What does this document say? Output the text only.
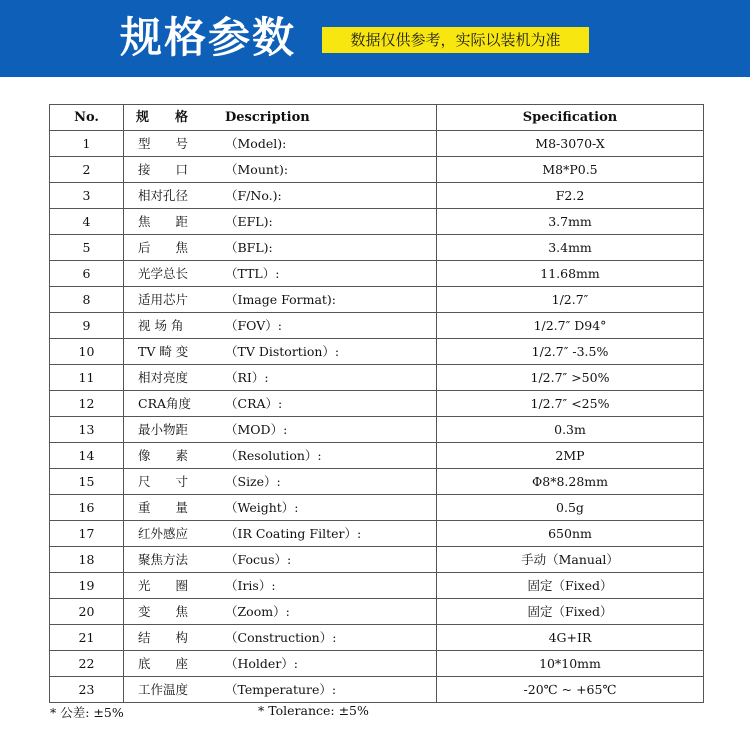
规格参数	数据仅供参考，实际以装机为准
No.	规　　格	Description	Specification
1	型　　号	（Model):	M8-3070-X
2	接　　口	（Mount):	M8*P0.5
3	相对孔径	（F/No.):	F2.2
4	焦　　距	（EFL):	3.7mm
5	后　　焦	（BFL):	3.4mm
6	光学总长	（TTL）:	11.68mm
8	适用芯片	（Image Format):	1/2.7″
9	视 场 角	（FOV）:	1/2.7″ D94°
10	TV 畸 变	（TV Distortion）:	1/2.7″ -3.5%
11	相对亮度	（RI）:	1/2.7″ >50%
12	CRA角度	（CRA）:	1/2.7″ <25%
13	最小物距	（MOD）:	0.3m
14	像　　素	（Resolution）:	2MP
15	尺　　寸	（Size）:	Φ8*8.28mm
16	重　　量	（Weight）:	0.5g
17	红外感应	（IR Coating Filter）:	650nm
18	聚焦方法	（Focus）:	手动（Manual）
19	光　　圈	（Iris）:	固定（Fixed）
20	变　　焦	（Zoom）:	固定（Fixed）
21	结　　构	（Construction）:	4G+IR
22	底　　座	（Holder）:	10*10mm
23	工作温度	（Temperature）:	-20℃ ~ +65℃
* 公差: ±5%	* Tolerance: ±5%
